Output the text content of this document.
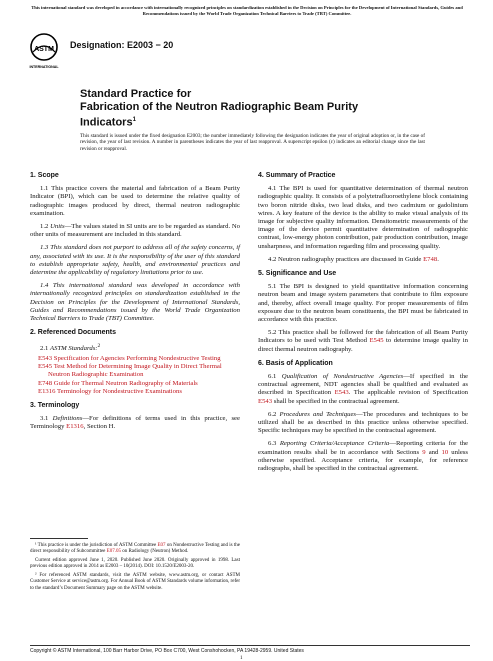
This international standard was developed in accordance with internationally recognized principles on standardization established in the Decision on Principles for the Development of International Standards, Guides and Recommendations issued by the World Trade Organization Technical Barriers to Trade (TBT) Committee.
ASTM
INTERNATIONAL
Designation: E2003 − 20
Standard Practice for
Fabrication of the Neutron Radiographic Beam Purity
Indicators$^1$
This standard is issued under the fixed designation E2003; the number immediately following the designation indicates the year of original adoption or, in the case of revision, the year of last revision. A number in parentheses indicates the year of last reapproval. A superscript epsilon (ε) indicates an editorial change since the last revision or reapproval.
1. Scope

1.1 This practice covers the material and fabrication of a Beam Purity Indicator (BPI), which can be used to determine the relative quality of radiographic images produced by direct, thermal neutron radiographic examination.

1.2 Units—The values stated in SI units are to be regarded as standard. No other units of measurement are included in this standard.

1.3 This standard does not purport to address all of the safety concerns, if any, associated with its use. It is the responsibility of the user of this standard to establish appropriate safety, health, and environmental practices and determine the applicability of regulatory limitations prior to use.

1.4 This international standard was developed in accordance with internationally recognized principles on standardization established in the Decision on Principles for the Development of International Standards, Guides and Recommendations issued by the World Trade Organization Technical Barriers to Trade (TBT) Committee.

2. Referenced Documents

2.1 ASTM Standards:$^2$

E543 Specification for Agencies Performing Nondestructive Testing
E545 Test Method for Determining Image Quality in Direct Thermal Neutron Radiographic Examination
E748 Guide for Thermal Neutron Radiography of Materials
E1316 Terminology for Nondestructive Examinations
3. Terminology

3.1 Definitions—For definitions of terms used in this practice, see Terminology E1316, Section H.

¹ This practice is under the jurisdiction of ASTM Committee E07 on Nondestructive Testing and is the direct responsibility of Subcommittee E07.05 on Radiology (Neutron) Method.

Current edition approved June 1, 2020. Published June 2020. Originally approved in 1998. Last previous edition approved in 2014 as E2003 – 10(2014). DOI: 10.1520/E2003-20.

² For referenced ASTM standards, visit the ASTM website, www.astm.org, or contact ASTM Customer Service at service@astm.org. For Annual Book of ASTM Standards volume information, refer to the standard’s Document Summary page on the ASTM website.

4. Summary of Practice

4.1 The BPI is used for quantitative determination of thermal neutron radiographic quality. It consists of a polytetrafluoroethylene block containing two boron nitride disks, two lead disks, and two cadmium or gadolinium wires. A key feature of the device is the ability to make visual analysis of its image for subjective quality information. Densitometric measurements of the image of the device permit quantitative determination of radiographic contrast, low-energy photon contribution, pair production contribution, image unsharpness, and information regarding film and processing quality.

4.2 Neutron radiography practices are discussed in Guide E748.

5. Significance and Use

5.1 The BPI is designed to yield quantitative information concerning neutron beam and image system parameters that contribute to film exposure and, thereby, affect overall image quality. For proper measurements of film exposure due to the neutron beam constituents, the BPI must be fabricated in accordance with this practice.

5.2 This practice shall be followed for the fabrication of all Beam Purity Indicators to be used with Test Method E545 to determine image quality in direct thermal neutron radiography.

6. Basis of Application

6.1 Qualification of Nondestructive Agencies—If specified in the contractual agreement, NDT agencies shall be qualified and evaluated as described in Specification E543. The applicable revision of Specification E543 shall be specified in the contractual agreement.

6.2 Procedures and Techniques—The procedures and techniques to be utilized shall be as described in this practice unless otherwise specified. Specific techniques may be specified in the contractual agreement.

6.3 Reporting Criteria/Acceptance Criteria—Reporting criteria for the examination results shall be in accordance with Sections 9 and 10 unless otherwise specified. Acceptance criteria, for example, for reference radiographs, shall be specified in the contractual agreement.

Copyright © ASTM International, 100 Barr Harbor Drive, PO Box C700, West Conshohocken, PA 19428-2959. United States
1
